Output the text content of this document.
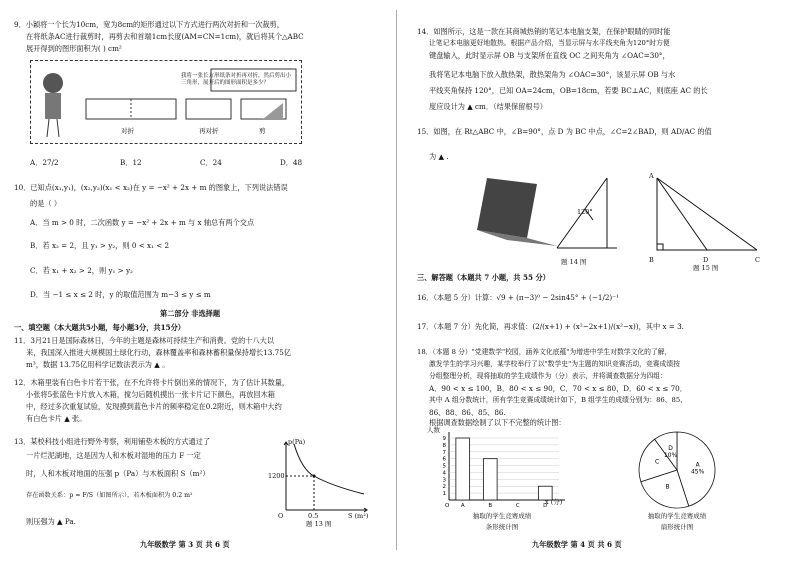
9．小颖将一个长为10cm，宽为8cm的矩形通过以下方式进行两次对折和一次裁剪，
在将纸条AC进行裁剪时，再剪去和首端1cm长度(AM=CN=1cm)，就后将其个△ABC
展开得到的图形面积为( ) cm²
我将一张长方形纸条对折再对折，然后剪出小三角形，展开后的图形面积是多少？
对折	再对折	剪
A．27/2	B．12	C．24	D．48
10．已知点(x₁,y₁)，(x₂,y₂)(x₁ < x₂)在 y = −x² + 2x + m 的图象上，下列说法错误
的是（ ）
A．当 m > 0 时，二次函数 y = −x² + 2x + m 与 x 轴总有两个交点
B．若 x₂ = 2，且 y₁ > y₂，则 0 < x₁ < 2
C．若 x₁ + x₂ > 2，则 y₁ > y₂
D．当 −1 ≤ x ≤ 2 时，y 的取值范围为 m−3 ≤ y ≤ m
第二部分 非选择题
一、填空题（本大题共5小题，每小题3分，共15分）
11．3月21日是国际森林日，今年的主题是森林可持续生产和消费。党的十八大以
来，我国深入推进大规模国土绿化行动，森林覆盖率和森林蓄积量保持增长13.75亿
m³，数据 13.75亿用科学记数法表示为 ▲ 。
12．木箱里装有白色卡片若干张，在不允许将卡片倒出来的情况下，为了估计其数量，
小张将5张蓝色卡片放入木箱，搅匀后随机摸出一张卡片记下颜色，再放回木箱
中，经过多次重复试验，发现摸到蓝色卡片的频率稳定在0.2附近，则木箱中大约
有白色卡片 ▲ 张。
13．某校科技小组进行野外考察，利用铺垫木板的方式通过了
一片烂泥湖地，这是因为人和木板对湿地的压力 F 一定
时，人和木板对地面的压强 p（Pa）与木板面积 S（m²）
存在函数关系：p = F/S（如图所示），若木板面积为 0.2 m²
则压强为 ▲ Pa.
p(Pa)
1200
0.5
O	S (m²)
题 13 图
九年级数学 第 3 页 共 6 页
14．如图所示，这是一款在其商城热销的笔记本电脑支架，在保护眼睛的同时能
让笔记本电脑更好地散热。根据产品介绍，当显示屏与水平线夹角为120°时方便
键盘输入，此时显示屏 OB 与支架所在直线 OC 之间夹角为 ∠OAC=30°，
我将笔记本电脑下放入散热架，散热架角为 ∠OAC=30°，该显示屏 OB 与水
平线夹角保持 120°，已知 OA=24cm，OB=18cm，若要 BC⊥AC，则底座 AC 的长
度应设计为 ▲ cm．（结果保留根号）
15．如图，在 Rt△ABC 中，∠B=90°，点 D 为 BC 中点，∠C=2∠BAD，则 AD/AC 的值
为 ▲ .
120°
题 14 图	B	D	C
A
题 15 图
三、解答题（本题共 7 小题，共 55 分）
16．（本题 5 分）计算：√9 + (π−3)⁰ − 2sin45° + (−1/2)⁻¹
17．（本题 7 分）先化简，再求值：(2/(x+1) + (x²−2x+1)/(x²−x))，其中 x = 3.
18．（本题 8 分）"党建数学"校园，涵养文化底蕴"为增进中学生对数学文化的了解，
激发学生的学习兴趣，某学校举行了以"数学史"为主题的知识竞赛活动，竞赛成绩按
分组整理分析，现将抽取的学生成绩作为（分）表示，并将调查数据分为四组：
A．90 < x ≤ 100，B．80 < x ≤ 90，C．70 < x ≤ 80，D．60 < x ≤ 70．
其中 A 组分数统计，所有学生竞赛成绩统计如下，B 组学生的成绩分别为：86、85、
86、88、86、85、86.
根据调查数据绘制了以下不完整的统计图：
9
8
7
6
5
4
3
2
1
O A	B	C	D
人数
x (分)
抽取的学生竞赛成绩
条形统计图
A
45%
B
C
D
10%
抽取的学生竞赛成绩
扇形统计图
九年级数学 第 4 页 共 6 页
